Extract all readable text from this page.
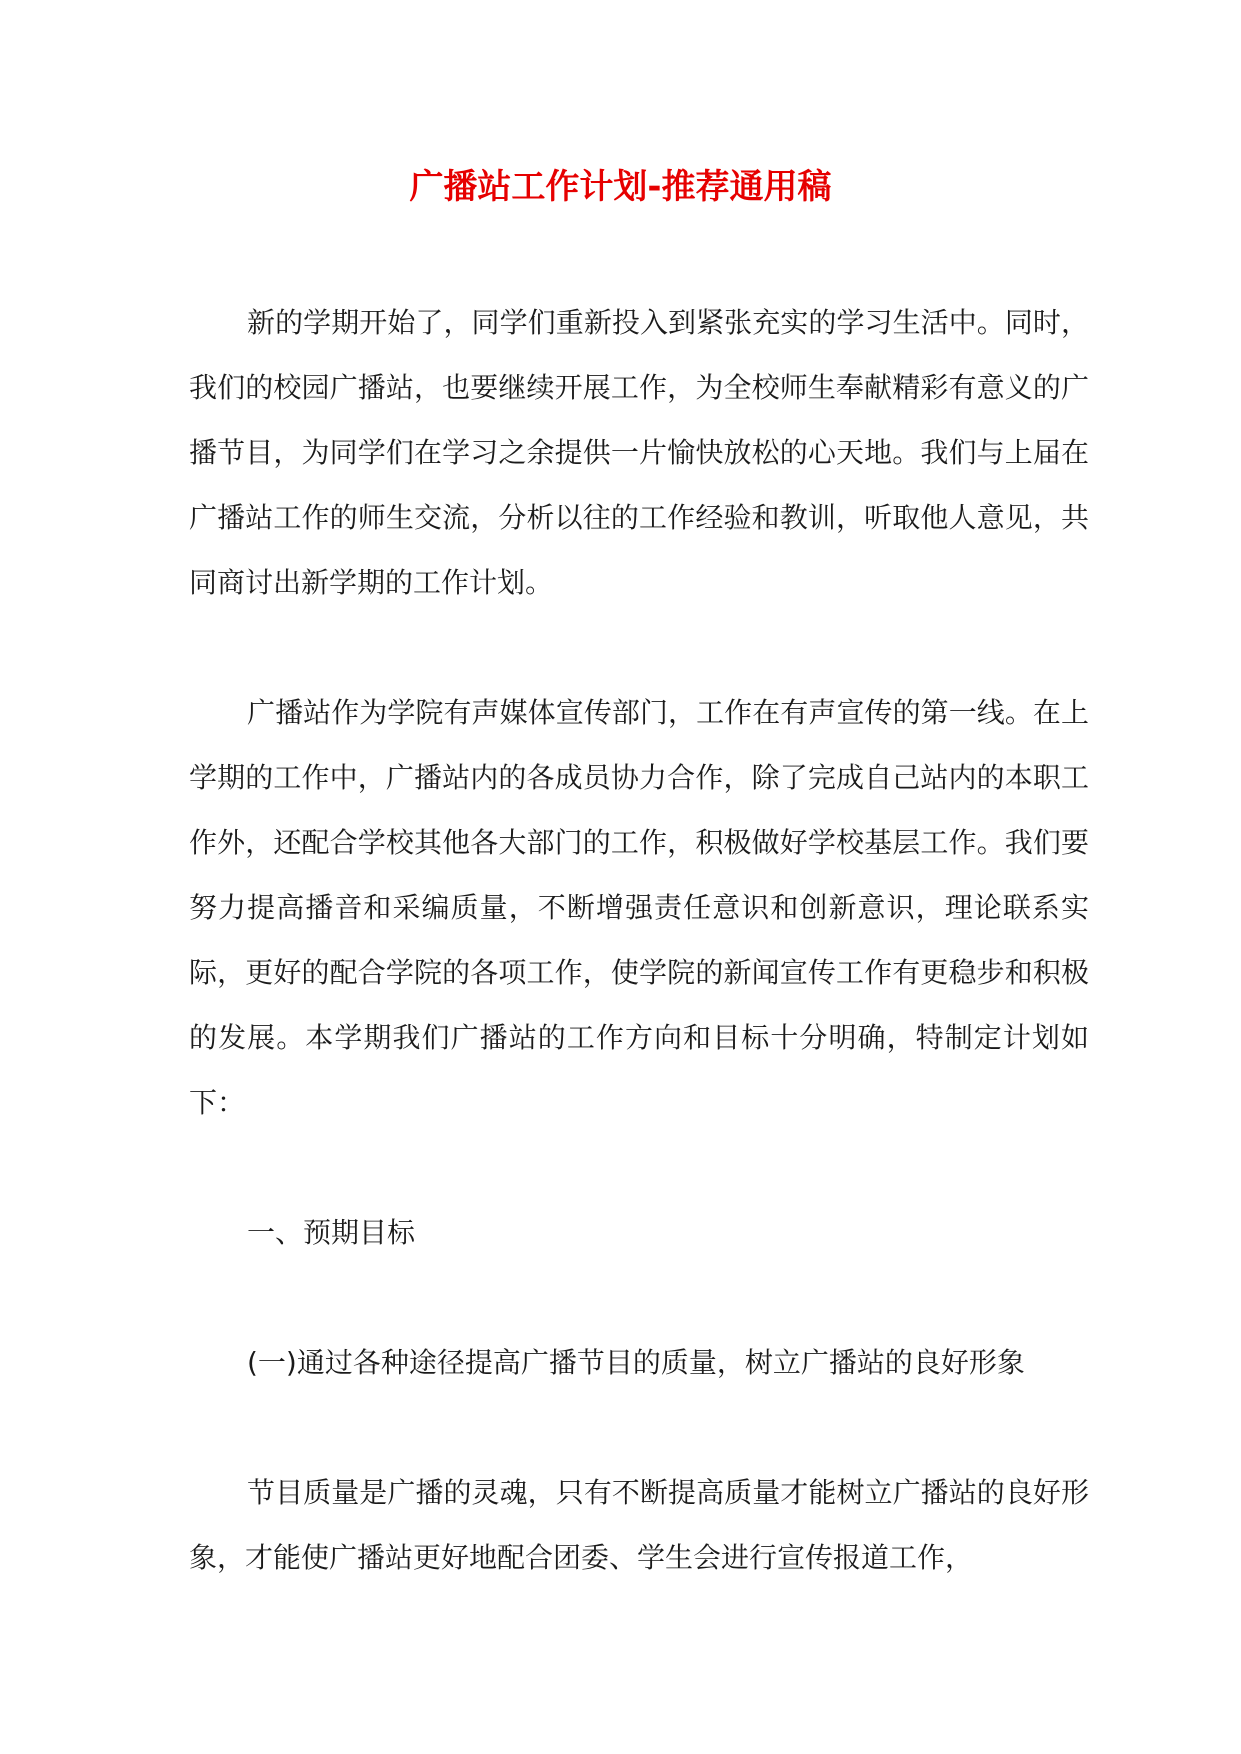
广播站工作计划-推荐通用稿

新的学期开始了，同学们重新投入到紧张充实的学习生活中。同时，我们的校园广播站，也要继续开展工作，为全校师生奉献精彩有意义的广播节目，为同学们在学习之余提供一片愉快放松的心天地。我们与上届在广播站工作的师生交流，分析以往的工作经验和教训，听取他人意见，共同商讨出新学期的工作计划。

广播站作为学院有声媒体宣传部门，工作在有声宣传的第一线。在上学期的工作中，广播站内的各成员协力合作，除了完成自己站内的本职工作外，还配合学校其他各大部门的工作，积极做好学校基层工作。我们要努力提高播音和采编质量，不断增强责任意识和创新意识，理论联系实际，更好的配合学院的各项工作，使学院的新闻宣传工作有更稳步和积极的发展。本学期我们广播站的工作方向和目标十分明确，特制定计划如下：

一、预期目标

(一)通过各种途径提高广播节目的质量，树立广播站的良好形象

节目质量是广播的灵魂，只有不断提高质量才能树立广播站的良好形象，才能使广播站更好地配合团委、学生会进行宣传报道工作，
